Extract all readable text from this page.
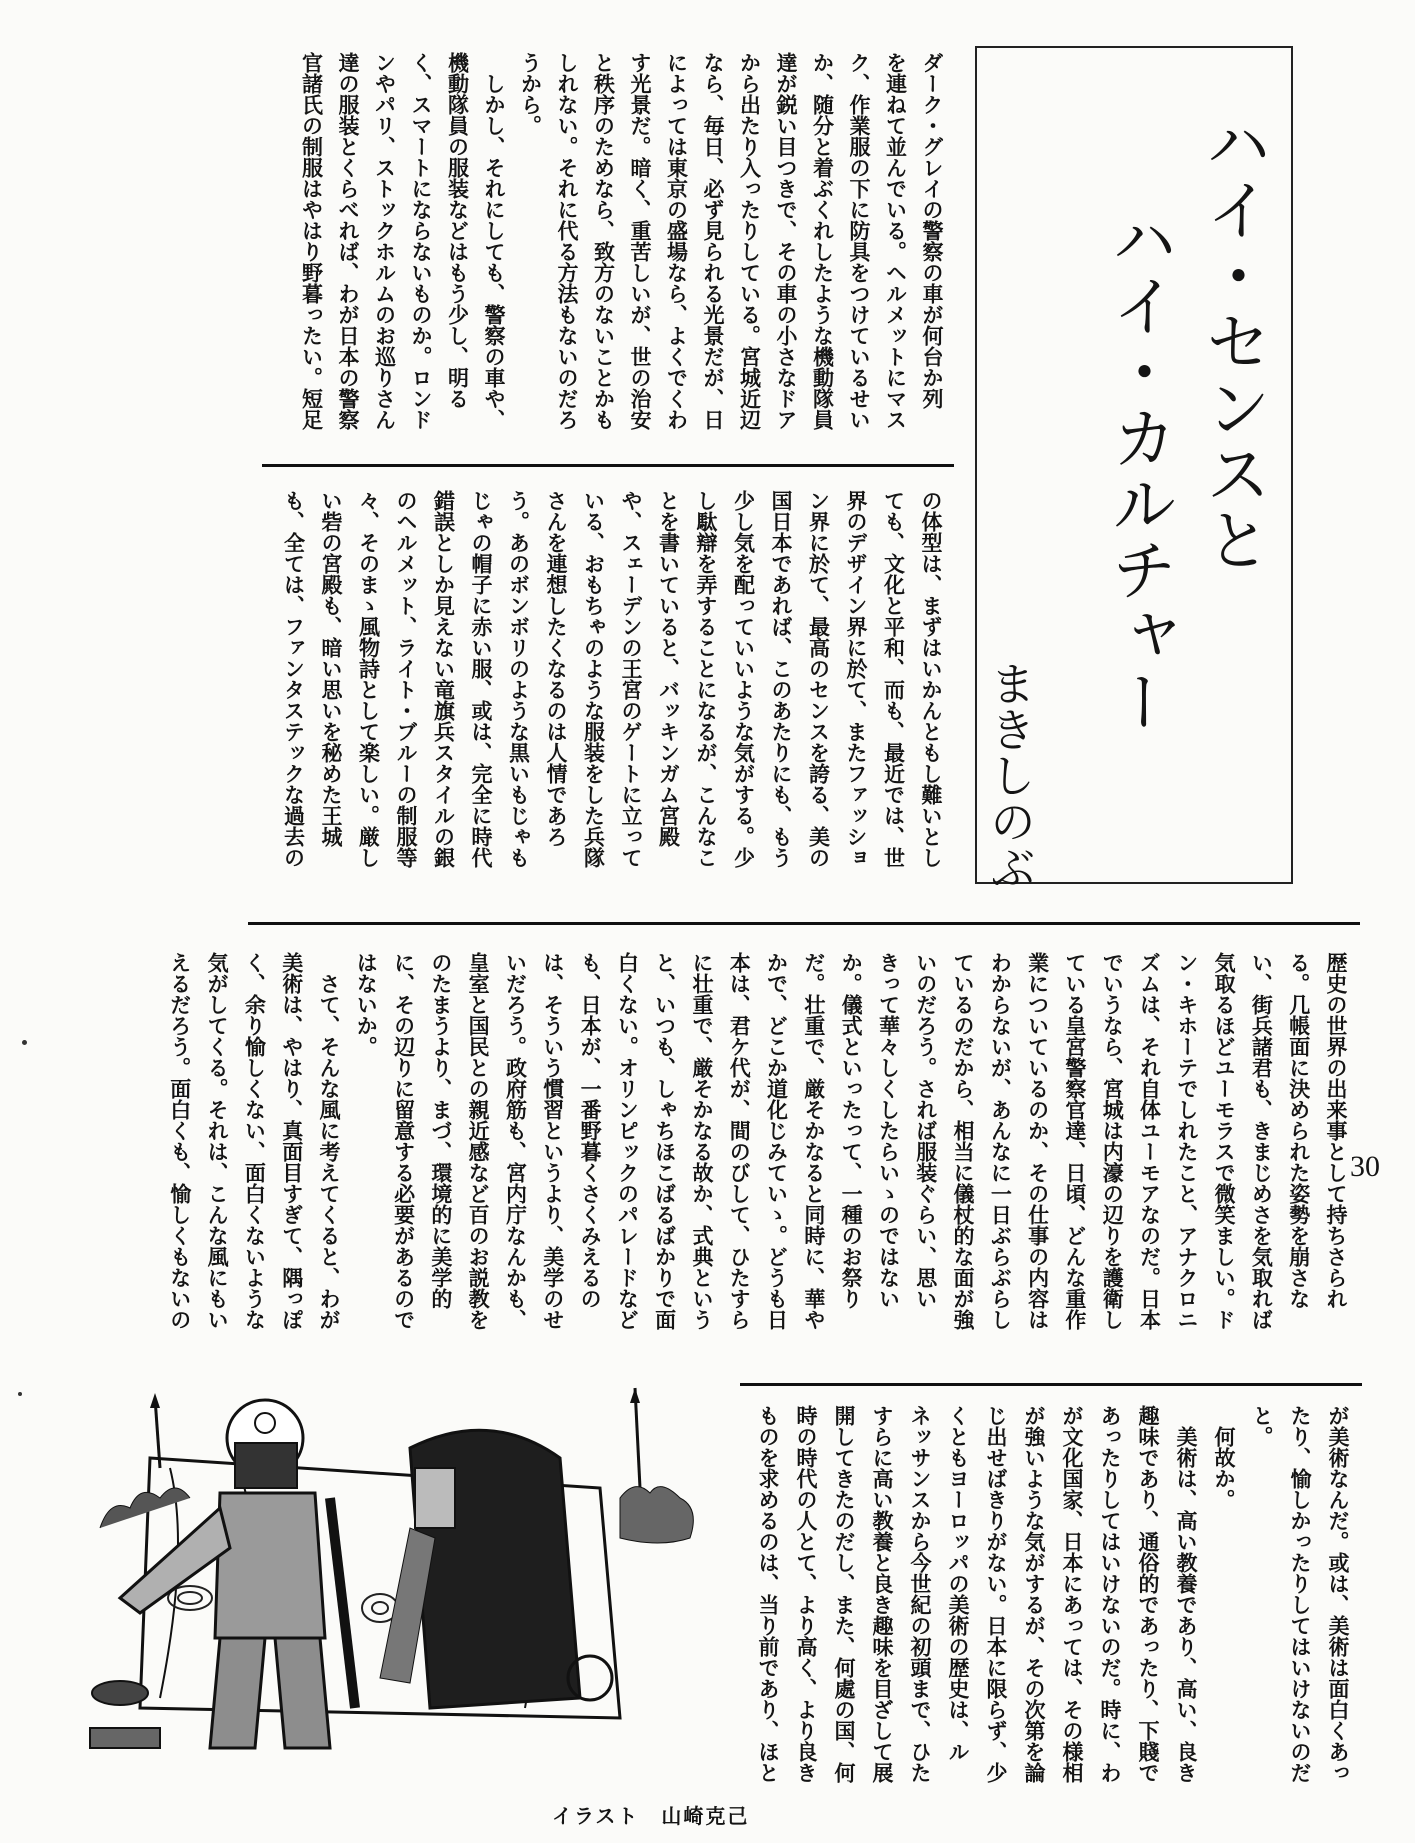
ハイ・センスと

ハイ・カルチャー

まきしのぶ

ダーク・グレイの警察の車が何台か列
を連ねて並んでいる。ヘルメットにマス
ク、作業服の下に防具をつけているせい
か、随分と着ぶくれしたような機動隊員
達が鋭い目つきで、その車の小さなドア
から出たり入ったりしている。宮城近辺
なら、毎日、必ず見られる光景だが、日
によっては東京の盛場なら、よくでくわ
す光景だ。暗く、重苦しいが、世の治安
と秩序のためなら、致方のないことかも
しれない。それに代る方法もないのだろ
うから。
　しかし、それにしても、警察の車や、
機動隊員の服装などはもう少し、明る
く、スマートにならないものか。ロンド
ンやパリ、ストックホルムのお巡りさん
達の服装とくらべれば、わが日本の警察
官諸氏の制服はやはり野暮ったい。短足

の体型は、まずはいかんともし難いとし
ても、文化と平和、而も、最近では、世
界のデザイン界に於て、またファッショ
ン界に於て、最高のセンスを誇る、美の
国日本であれば、このあたりにも、もう
少し気を配っていいような気がする。少
し駄辯を弄することになるが、こんなこ
とを書いていると、バッキンガム宮殿
や、スェーデンの王宮のゲートに立って
いる、おもちゃのような服装をした兵隊
さんを連想したくなるのは人情であろ
う。あのボンボリのような黒いもじゃも
じゃの帽子に赤い服、或は、完全に時代
錯誤としか見えない竜旗兵スタイルの銀
のヘルメット、ライト・ブルーの制服等
々、そのまゝ風物詩として楽しい。厳し
い砦の宮殿も、暗い思いを秘めた王城
も、全ては、ファンタステックな過去の

歴史の世界の出来事として持ちさられ
る。几帳面に決められた姿勢を崩さな
い、街兵諸君も、きまじめさを気取れば
気取るほどユーモラスで微笑ましい。ド
ン・キホーテでしれたこと、アナクロニ
ズムは、それ自体ユーモアなのだ。日本
でいうなら、宮城は内濠の辺りを護衛し
ている皇宮警察官達、日頃、どんな重作
業についているのか、その仕事の内容は
わからないが、あんなに一日ぶらぶらし
ているのだから、相当に儀杖的な面が強
いのだろう。されば服装ぐらい、思い
きって華々しくしたらいゝのではない
か。儀式といったって、一種のお祭り
だ。壮重で、厳そかなると同時に、華や
かで、どこか道化じみていゝ。どうも日
本は、君ケ代が、間のびして、ひたすら
に壮重で、厳そかなる故か、式典という
と、いつも、しゃちほこばるばかりで面
白くない。オリンピックのパレードなど
も、日本が、一番野暮くさくみえるの
は、そういう慣習というより、美学のせ
いだろう。政府筋も、宮内庁なんかも、
皇室と国民との親近感など百のお説教を
のたまうより、まづ、環境的に美学的
に、その辺りに留意する必要があるので
はないか。
　さて、そんな風に考えてくると、わが
美術は、やはり、真面目すぎて、隅っぽ
く、余り愉しくない、面白くないような
気がしてくる。それは、こんな風にもい
えるだろう。面白くも、愉しくもないの

が美術なんだ。或は、美術は面白くあっ
たり、愉しかったりしてはいけないのだ
と。
　何故か。
　美術は、高い教養であり、高い、良き
趣味であり、通俗的であったり、下賤で
あったりしてはいけないのだ。時に、わ
が文化国家、日本にあっては、その様相
が強いような気がするが、その次第を論
じ出せばきりがない。日本に限らず、少
くともヨーロッパの美術の歴史は、ル
ネッサンスから今世紀の初頭まで、ひた
すらに高い教養と良き趣味を目ざして展
開してきたのだし、また、何處の国、何
時の時代の人とて、より高く、より良き
ものを求めるのは、当り前であり、ほと

30
イラスト　山崎克己
